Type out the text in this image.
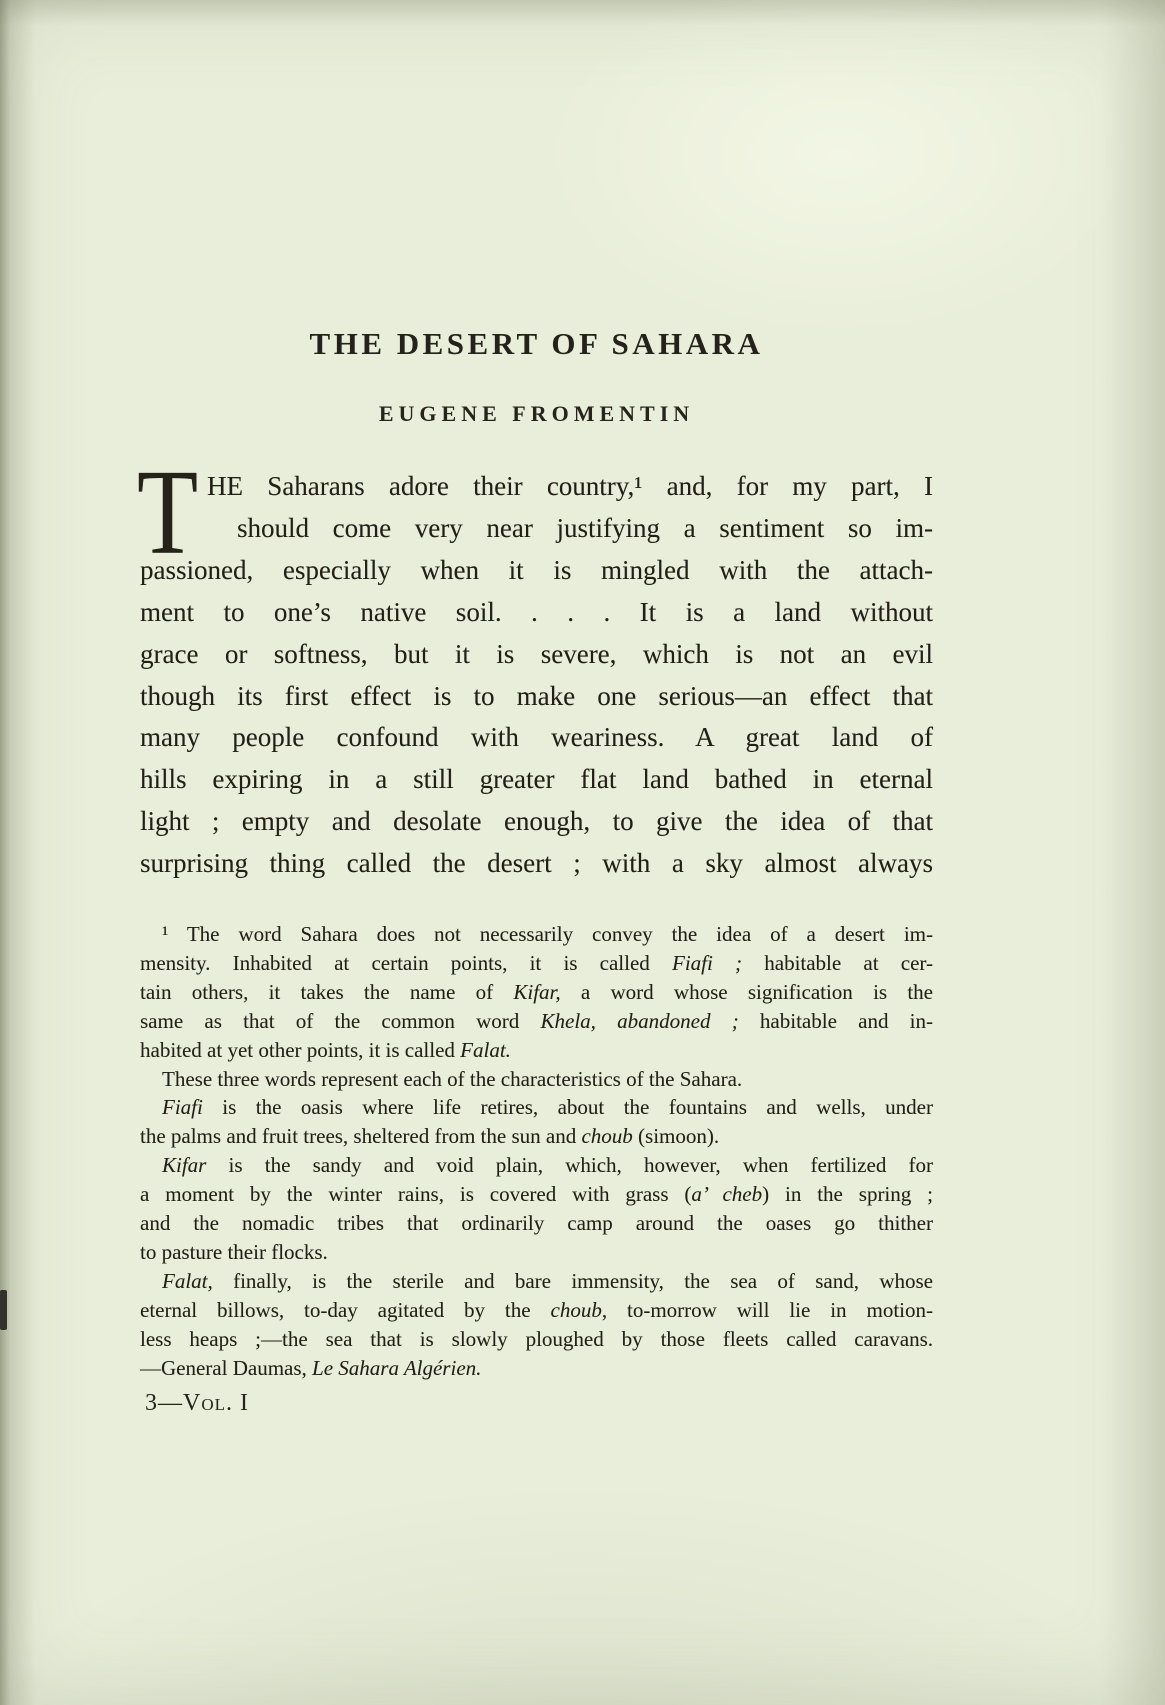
THE DESERT OF SAHARA
EUGENE FROMENTIN
T HE Saharans adore their country,¹ and, for my part, I
should come very near justifying a sentiment so im-
passioned, especially when it is mingled with the attach-
ment to one’s native soil. . . . It is a land without
grace or softness, but it is severe, which is not an evil
though its first effect is to make one serious—an effect that
many people confound with weariness. A great land of
hills expiring in a still greater flat land bathed in eternal
light ; empty and desolate enough, to give the idea of that
surprising thing called the desert ; with a sky almost always
¹ The word Sahara does not necessarily convey the idea of a desert im-
mensity. Inhabited at certain points, it is called Fiafi ; habitable at cer-
tain others, it takes the name of Kifar, a word whose signification is the
same as that of the common word Khela, abandoned ; habitable and in-
habited at yet other points, it is called Falat.
These three words represent each of the characteristics of the Sahara.
Fiafi is the oasis where life retires, about the fountains and wells, under
the palms and fruit trees, sheltered from the sun and choub (simoon).
Kifar is the sandy and void plain, which, however, when fertilized for
a moment by the winter rains, is covered with grass (a’ cheb) in the spring ;
and the nomadic tribes that ordinarily camp around the oases go thither
to pasture their flocks.
Falat, finally, is the sterile and bare immensity, the sea of sand, whose
eternal billows, to-day agitated by the choub, to-morrow will lie in motion-
less heaps ;—the sea that is slowly ploughed by those fleets called caravans.
—General Daumas, Le Sahara Algérien.
3—Vol. I
